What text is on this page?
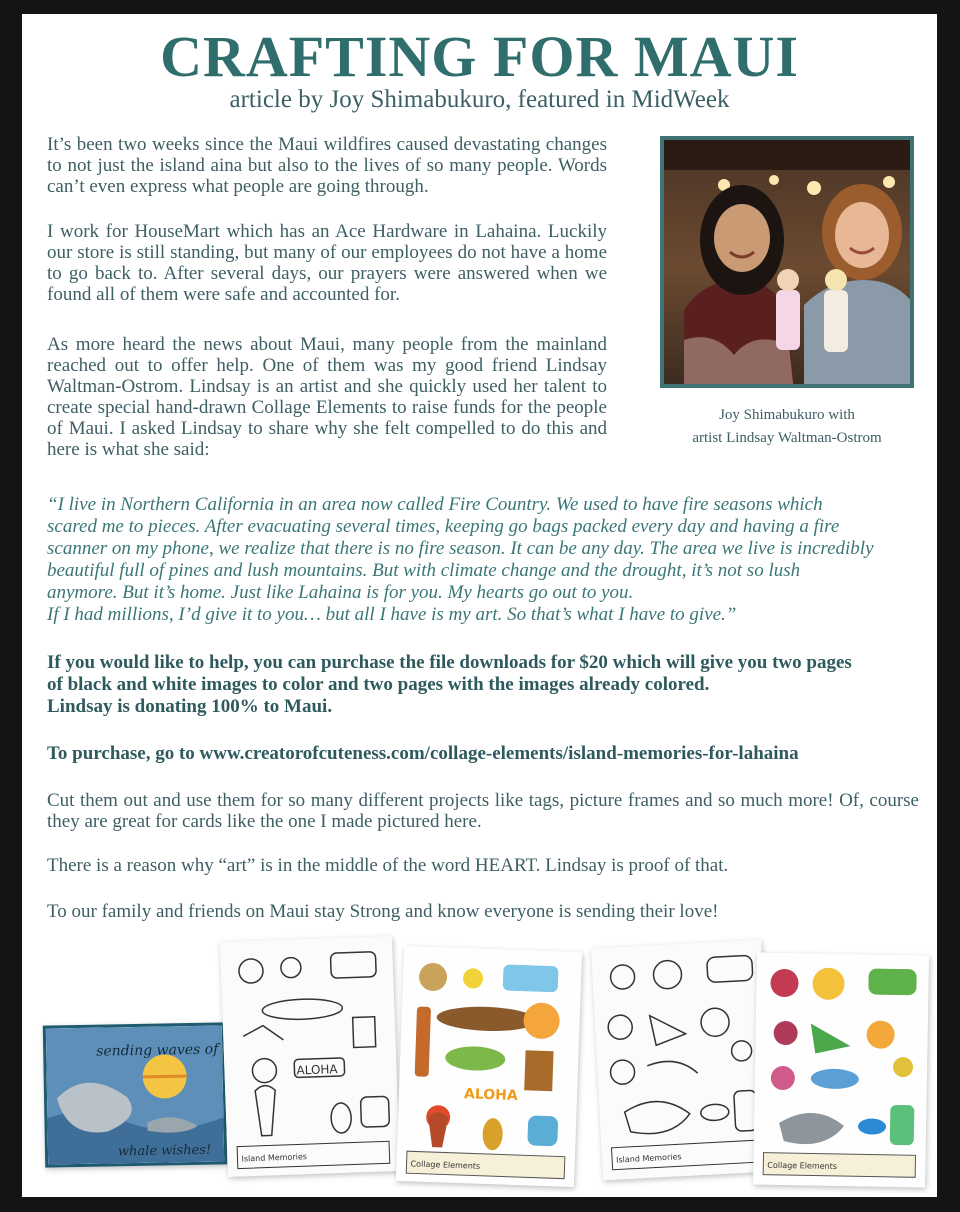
CRAFTING FOR MAUI
article by Joy Shimabukuro, featured in MidWeek

It’s been two weeks since the Maui wildfires caused devastating changes to not just the island aina but also to the lives of so many people. Words can’t even express what people are going through.

I work for HouseMart which has an Ace Hardware in Lahaina. Luckily our store is still standing, but many of our employees do not have a home to go back to. After several days, our prayers were answered when we found all of them were safe and accounted for.

As more heard the news about Maui, many people from the mainland reached out to offer help. One of them was my good friend Lindsay Waltman-Ostrom. Lindsay is an artist and she quickly used her talent to create special hand-drawn Collage Elements to raise funds for the people of Maui. I asked Lindsay to share why she felt compelled to do this and here is what she said:

Joy Shimabukuro with
artist Lindsay Waltman-Ostrom
“I live in Northern California in an area now called Fire Country. We used to have fire seasons which
scared me to pieces. After evacuating several times, keeping go bags packed every day and having a fire
scanner on my phone, we realize that there is no fire season. It can be any day. The area we live is incredibly
beautiful full of pines and lush mountains. But with climate change and the drought, it’s not so lush
anymore. But it’s home. Just like Lahaina is for you. My hearts go out to you.
If I had millions, I’d give it to you… but all I have is my art. So that’s what I have to give.”
If you would like to help, you can purchase the file downloads for $20 which will give you two pages
of black and white images to color and two pages with the images already colored.
Lindsay is donating 100% to Maui.
To purchase, go to www.creatorofcuteness.com/collage-elements/island-memories-for-lahaina

Cut them out and use them for so many different projects like tags, picture frames and so much more! Of, course they are great for cards like the one I made pictured here.

There is a reason why “art” is in the middle of the word HEART. Lindsay is proof of that.

To our family and friends on Maui stay Strong and know everyone is sending their love!

sending waves of
whale wishes!
ALOHA
Island Memories
ALOHA
Collage Elements
Island Memories
Collage Elements
